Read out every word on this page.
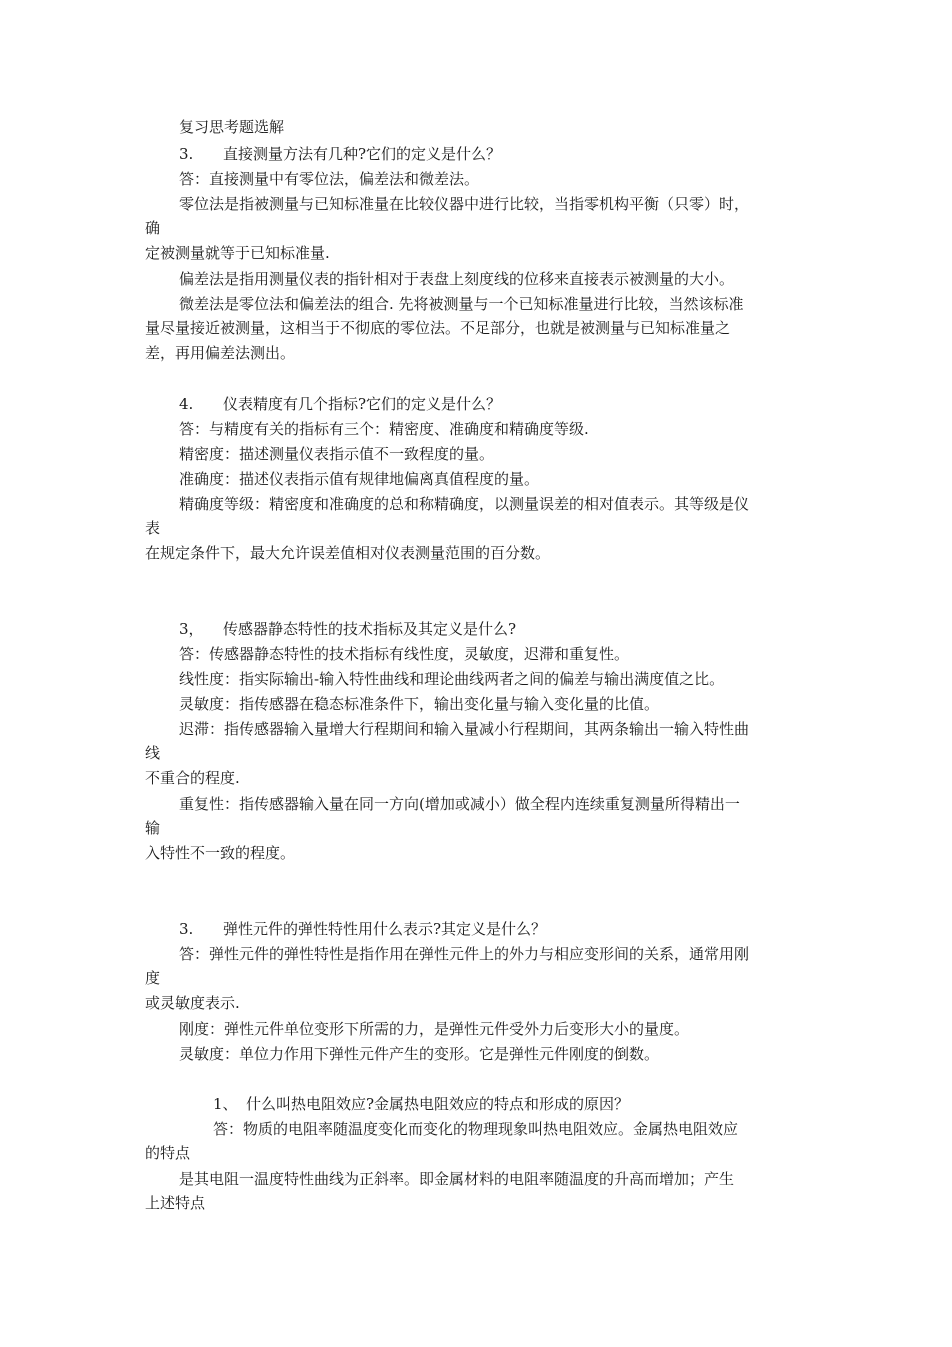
复习思考题选解
3. 直接测量方法有几种?它们的定义是什么？
答：直接测量中有零位法，偏差法和微差法。
零位法是指被测量与已知标准量在比较仪器中进行比较，当指零机构平衡（只零）时，
确
定被测量就等于已知标准量.
偏差法是指用测量仪表的指针相对于表盘上刻度线的位移来直接表示被测量的大小。
微差法是零位法和偏差法的组合. 先将被测量与一个已知标准量进行比较，当然该标准
量尽量接近被测量，这相当于不彻底的零位法。不足部分，也就是被测量与已知标准量之
差，再用偏差法测出。
4. 仪表精度有几个指标?它们的定义是什么？
答：与精度有关的指标有三个：精密度、准确度和精确度等级.
精密度：描述测量仪表指示值不一致程度的量。
准确度：描述仪表指示值有规律地偏离真值程度的量。
精确度等级：精密度和准确度的总和称精确度，以测量误差的相对值表示。其等级是仪
表
在规定条件下，最大允许误差值相对仪表测量范围的百分数。
3， 传感器静态特性的技术指标及其定义是什么?
答：传感器静态特性的技术指标有线性度，灵敏度，迟滞和重复性。
线性度：指实际输出-输入特性曲线和理论曲线两者之间的偏差与输出满度值之比。
灵敏度：指传感器在稳态标准条件下，输出变化量与输入变化量的比值。
迟滞：指传感器输入量增大行程期间和输入量减小行程期间，其两条输出一输入特性曲
线
不重合的程度.
重复性：指传感器输入量在同一方向(增加或减小）做全程内连续重复测量所得精出一
输
入特性不一致的程度。
3. 弹性元件的弹性特性用什么表示?其定义是什么？
答：弹性元件的弹性特性是指作用在弹性元件上的外力与相应变形间的关系，通常用刚
度
或灵敏度表示.
刚度：弹性元件单位变形下所需的力，是弹性元件受外力后变形大小的量度。
灵敏度：单位力作用下弹性元件产生的变形。它是弹性元件刚度的倒数。
1、 什么叫热电阻效应?金属热电阻效应的特点和形成的原因？
答：物质的电阻率随温度变化而变化的物理现象叫热电阻效应。金属热电阻效应
的特点
是其电阻一温度特性曲线为正斜率。即金属材料的电阻率随温度的升高而增加；产生
上述特点
